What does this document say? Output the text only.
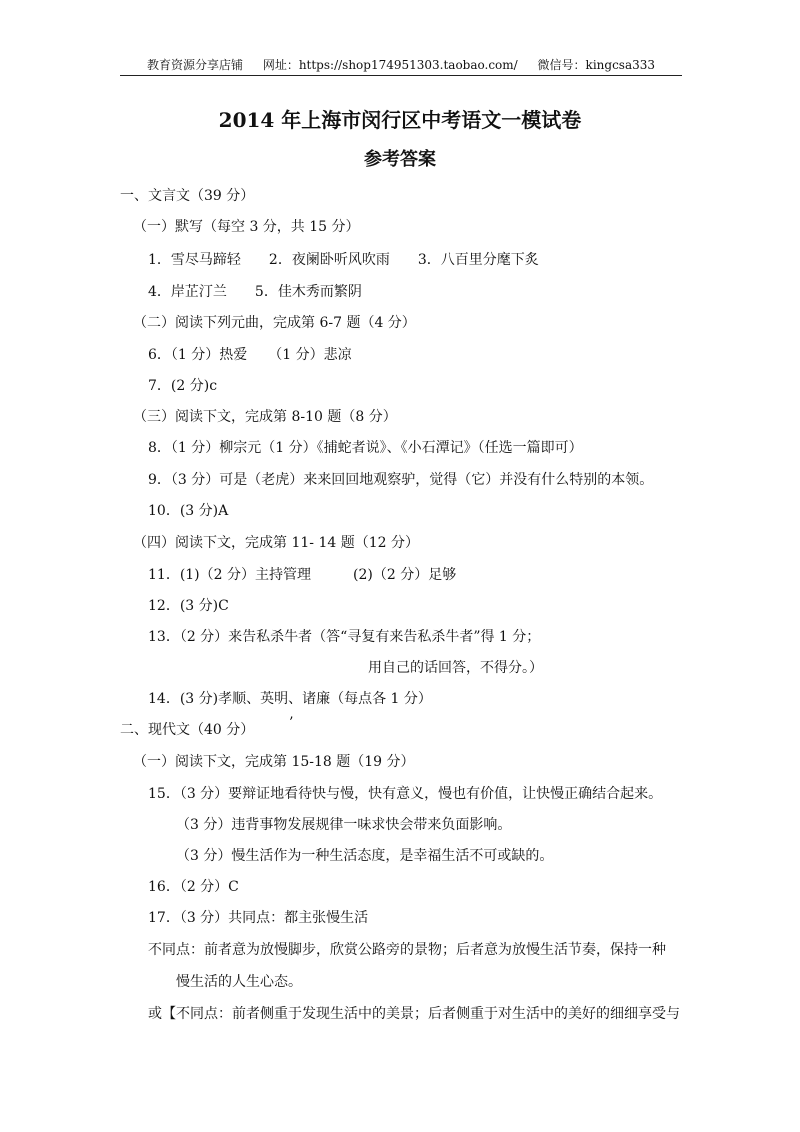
教育资源分享店铺 网址：https://shop174951303.taobao.com/ 微信号：kingcsa333
2014 年上海市闵行区中考语文一模试卷
参考答案
一、文言文（39 分）
（一）默写（每空 3 分，共 15 分）
1．雪尽马蹄轻　　2．夜阑卧听风吹雨　　3．八百里分麾下炙
4．岸芷汀兰　　5．佳木秀而繁阴
（二）阅读下列元曲，完成第 6-7 题（4 分）
6．（1 分）热爱　　（1 分）悲凉
7．(2 分)c
（三）阅读下文，完成第 8-10 题（8 分）
8．（1 分）柳宗元（1 分）《捕蛇者说》、《小石潭记》（任选一篇即可）
9．（3 分）可是（老虎）来来回回地观察驴，觉得（它）并没有什么特别的本领。
10．(3 分)A
（四）阅读下文，完成第 11- 14 题（12 分）
11．(1)（2 分）主持管理　　　(2)（2 分）足够
12．(3 分)C
13．（2 分）来告私杀牛者（答“寻复有来告私杀牛者”得 1 分；
用自己的话回答，不得分。）
14．(3 分)孝顺、英明、诸廉（每点各 1 分）
二、现代文（40 分）
（一）阅读下文，完成第 15-18 题（19 分）
15．（3 分）要辩证地看待快与慢，快有意义，慢也有价值，让快慢正确结合起来。
（3 分）违背事物发展规律一味求快会带来负面影响。
（3 分）慢生活作为一种生活态度，是幸福生活不可或缺的。
16．（2 分）C
17．（3 分）共同点：都主张慢生活
不同点：前者意为放慢脚步，欣赏公路旁的景物；后者意为放慢生活节奏，保持一种
慢生活的人生心态。
或【不同点：前者侧重于发现生活中的美景；后者侧重于对生活中的美好的细细享受与
’
